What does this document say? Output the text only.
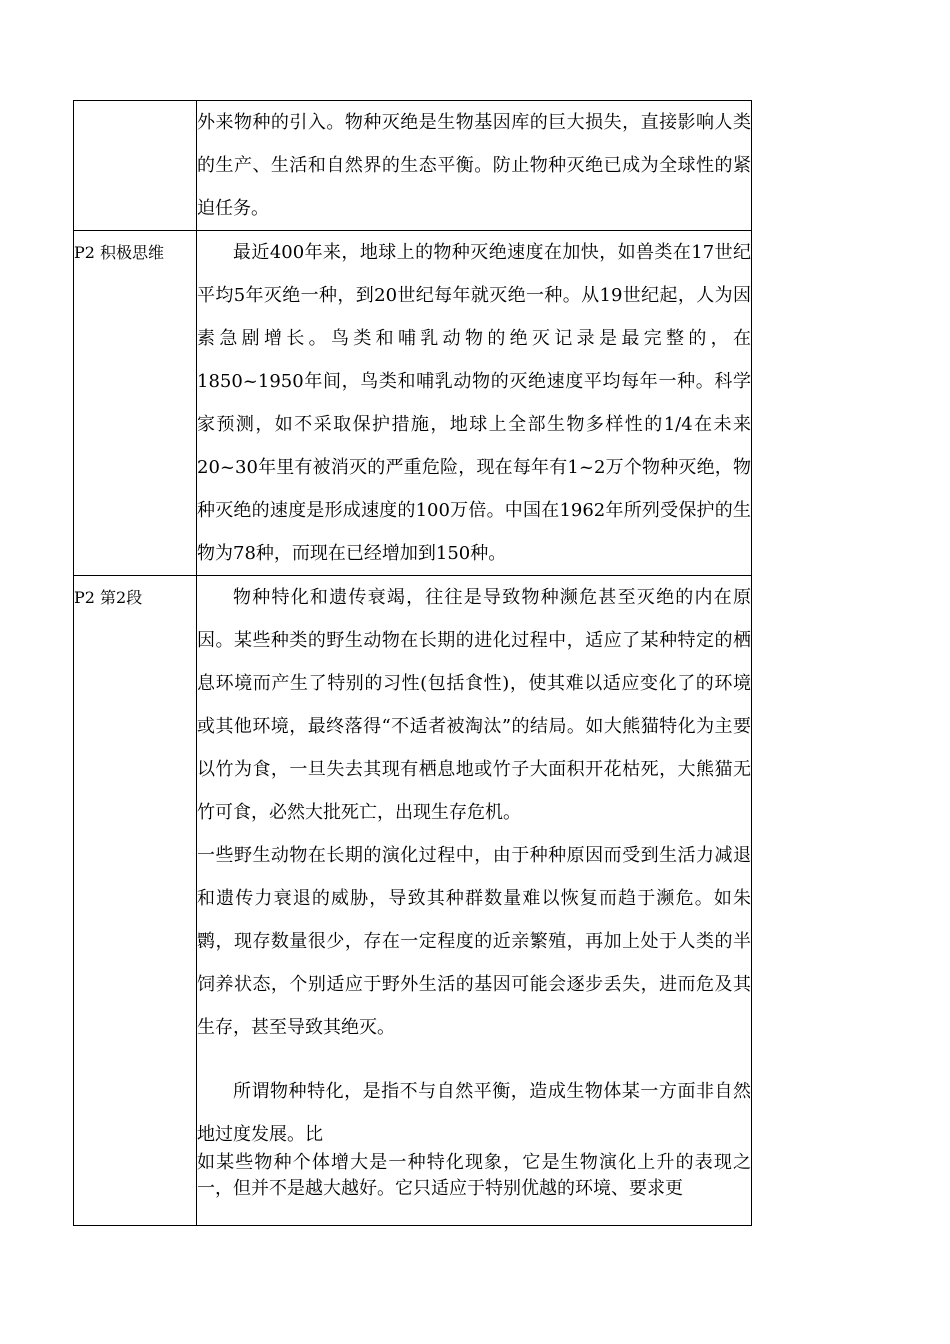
	外来物种的引入。物种灭绝是生物基因库的巨大损失，直接影响人类的生产、生活和自然界的生态平衡。防止物种灭绝已成为全球性的紧迫任务。

P2 积极思维	最近400年来，地球上的物种灭绝速度在加快，如兽类在17世纪平均5年灭绝一种，到20世纪每年就灭绝一种。从19世纪起，人为因素急剧增长。鸟类和哺乳动物的绝灭记录是最完整的，在1850~1950年间，鸟类和哺乳动物的灭绝速度平均每年一种。科学家预测，如不采取保护措施，地球上全部生物多样性的1/4在未来20~30年里有被消灭的严重危险，现在每年有1~2万个物种灭绝，物种灭绝的速度是形成速度的100万倍。中国在1962年所列受保护的生物为78种，而现在已经增加到150种。

P2 第2段	物种特化和遗传衰竭，往往是导致物种濒危甚至灭绝的内在原因。某些种类的野生动物在长期的进化过程中，适应了某种特定的栖息环境而产生了特别的习性(包括食性)，使其难以适应变化了的环境或其他环境，最终落得“不适者被淘汰”的结局。如大熊猫特化为主要以竹为食，一旦失去其现有栖息地或竹子大面积开花枯死，大熊猫无竹可食，必然大批死亡，出现生存危机。

一些野生动物在长期的演化过程中，由于种种原因而受到生活力减退和遗传力衰退的威胁，导致其种群数量难以恢复而趋于濒危。如朱鹮，现存数量很少，存在一定程度的近亲繁殖，再加上处于人类的半饲养状态，个别适应于野外生活的基因可能会逐步丢失，进而危及其生存，甚至导致其绝灭。

所谓物种特化，是指不与自然平衡，造成生物体某一方面非自然地过度发展。比

如某些物种个体增大是一种特化现象，它是生物演化上升的表现之一，但并不是越大越好。它只适应于特别优越的环境、要求更
